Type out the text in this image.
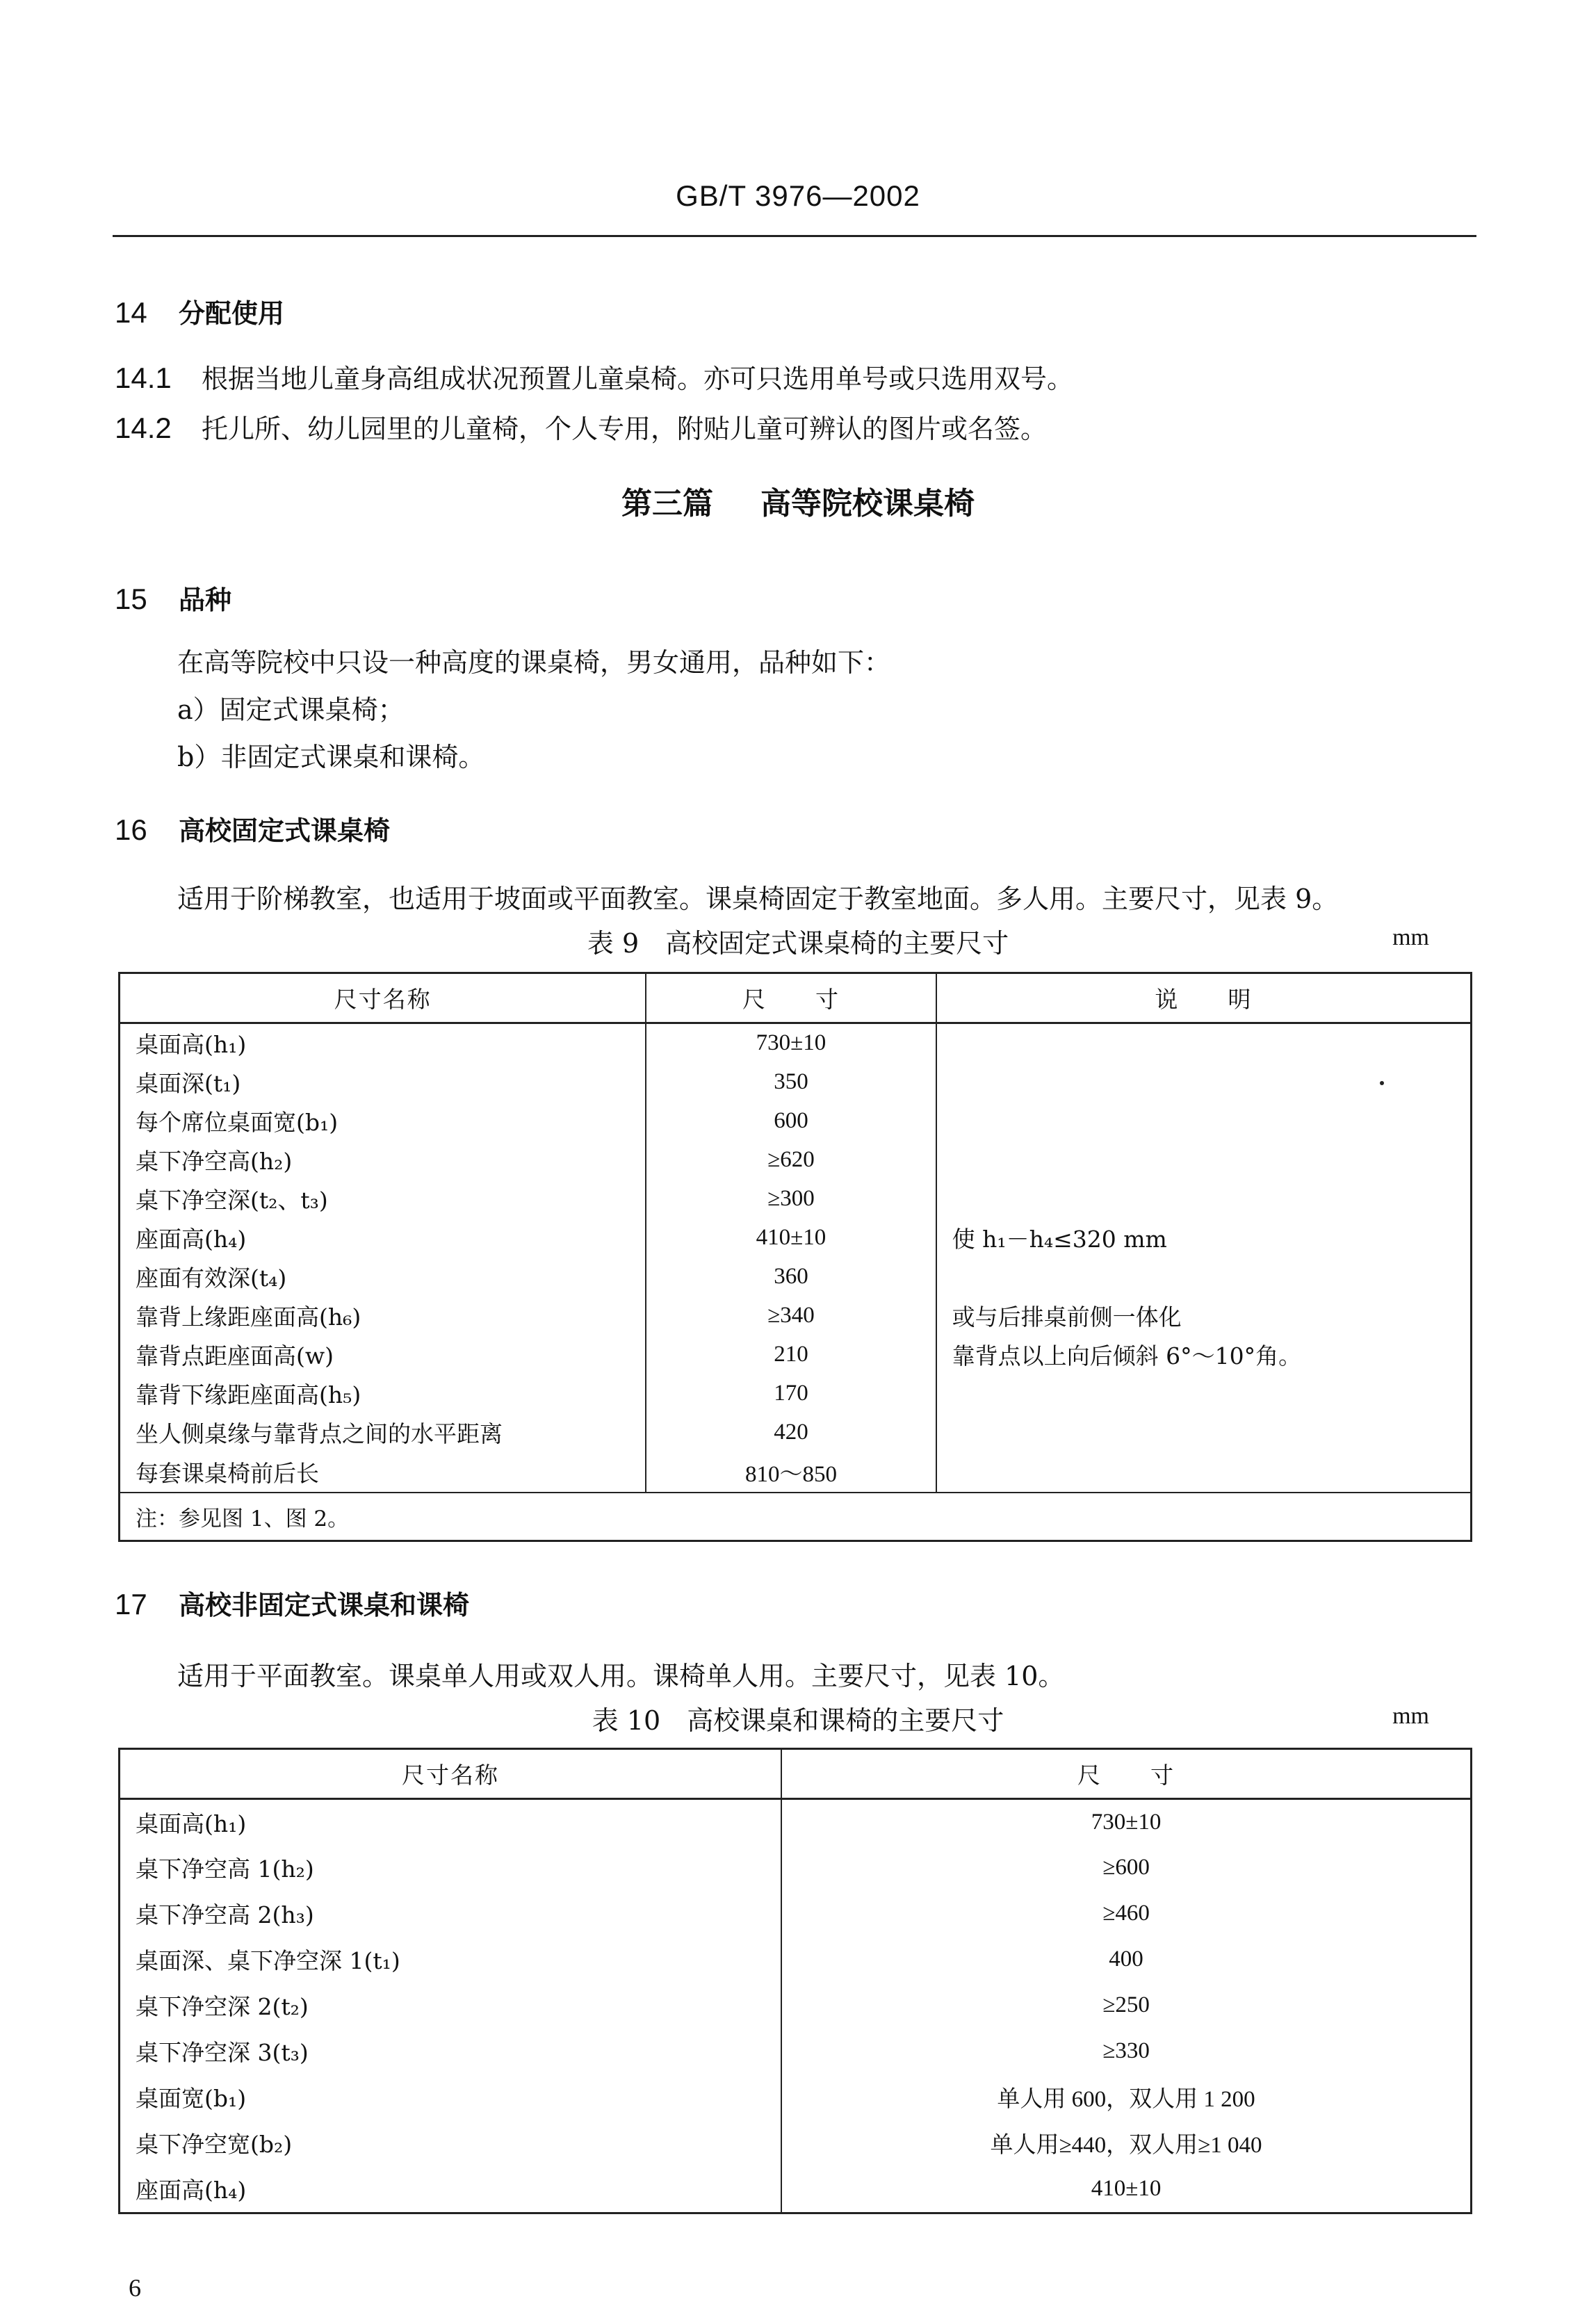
GB/T 3976—2002
14 分配使用
14.1 根据当地儿童身高组成状况预置儿童桌椅。亦可只选用单号或只选用双号。
14.2 托儿所、幼儿园里的儿童椅，个人专用，附贴儿童可辨认的图片或名签。
第三篇 高等院校课桌椅
15 品种
在高等院校中只设一种高度的课桌椅，男女通用，品种如下：
a）固定式课桌椅；
b）非固定式课桌和课椅。
16 高校固定式课桌椅
适用于阶梯教室，也适用于坡面或平面教室。课桌椅固定于教室地面。多人用。主要尺寸，见表 9。
表 9　高校固定式课桌椅的主要尺寸	mm
尺寸名称	尺　　寸	说　　明
桌面高(h₁)	730±10	
桌面深(t₁)	350	
每个席位桌面宽(b₁)	600	
桌下净空高(h₂)	≥620	
桌下净空深(t₂、t₃)	≥300	
座面高(h₄)	410±10	使 h₁－h₄≤320 mm
座面有效深(t₄)	360	
靠背上缘距座面高(h₆)	≥340	或与后排桌前侧一体化
靠背点距座面高(w)	210	靠背点以上向后倾斜 6°～10°角。
靠背下缘距座面高(h₅)	170	
坐人侧桌缘与靠背点之间的水平距离	420	
每套课桌椅前后长	810～850	
注：参见图 1、图 2。		
17 高校非固定式课桌和课椅
适用于平面教室。课桌单人用或双人用。课椅单人用。主要尺寸，见表 10。
表 10　高校课桌和课椅的主要尺寸	mm
尺寸名称	尺　　寸
桌面高(h₁)	730±10
桌下净空高 1(h₂)	≥600
桌下净空高 2(h₃)	≥460
桌面深、桌下净空深 1(t₁)	400
桌下净空深 2(t₂)	≥250
桌下净空深 3(t₃)	≥330
桌面宽(b₁)	单人用 600，双人用 1 200
桌下净空宽(b₂)	单人用≥440，双人用≥1 040
座面高(h₄)	410±10
6
